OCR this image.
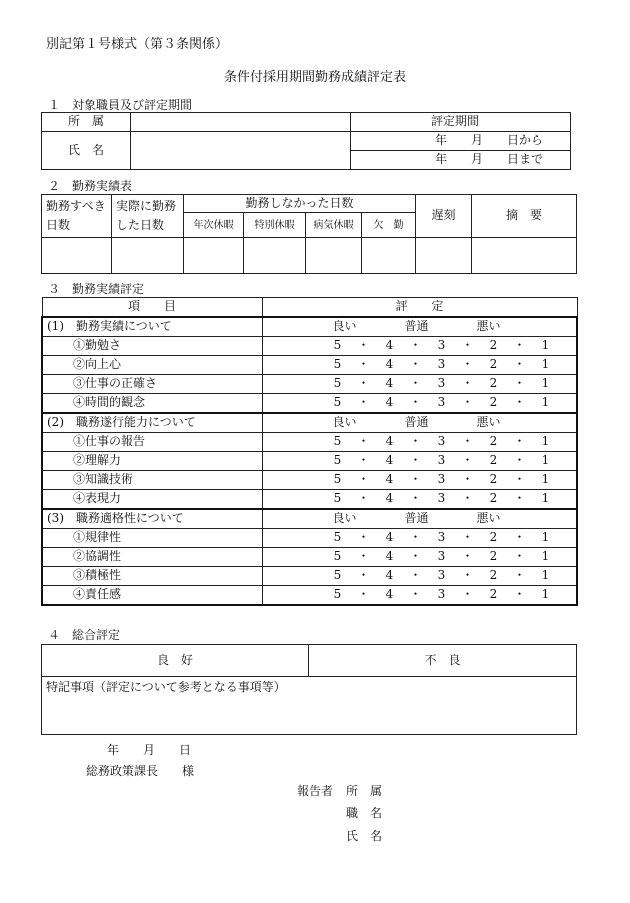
別記第１号様式（第３条関係）
条件付採用期間勤務成績評定表
１　対象職員及び評定期間
所　属		評定期間
氏　名		年　　月　　日から
		年　　月　　日まで
２　勤務実績表
勤務すべき日数	実際に勤務した日数	勤務しなかった日数				遅刻	摘　要
		年次休暇	特別休暇	病気休暇	欠　勤		

３　勤務実績評定
項　　目	評　　定
(1)　勤務実績について	良い 普通 悪い
①勤勉さ	5 ・ 4 ・ 3 ・ 2 ・ 1
②向上心	5 ・ 4 ・ 3 ・ 2 ・ 1
③仕事の正確さ	5 ・ 4 ・ 3 ・ 2 ・ 1
④時間的観念	5 ・ 4 ・ 3 ・ 2 ・ 1
(2)　職務遂行能力について	良い 普通 悪い
①仕事の報告	5 ・ 4 ・ 3 ・ 2 ・ 1
②理解力	5 ・ 4 ・ 3 ・ 2 ・ 1
③知識技術	5 ・ 4 ・ 3 ・ 2 ・ 1
④表現力	5 ・ 4 ・ 3 ・ 2 ・ 1
(3)　職務適格性について	良い 普通 悪い
①規律性	5 ・ 4 ・ 3 ・ 2 ・ 1
②協調性	5 ・ 4 ・ 3 ・ 2 ・ 1
③積極性	5 ・ 4 ・ 3 ・ 2 ・ 1
④責任感	5 ・ 4 ・ 3 ・ 2 ・ 1
４　総合評定
良　好	不　良
特記事項（評定について参考となる事項等）
年　　月　　日
総務政策課長　　様
報告者 所　属
職　名
氏　名
